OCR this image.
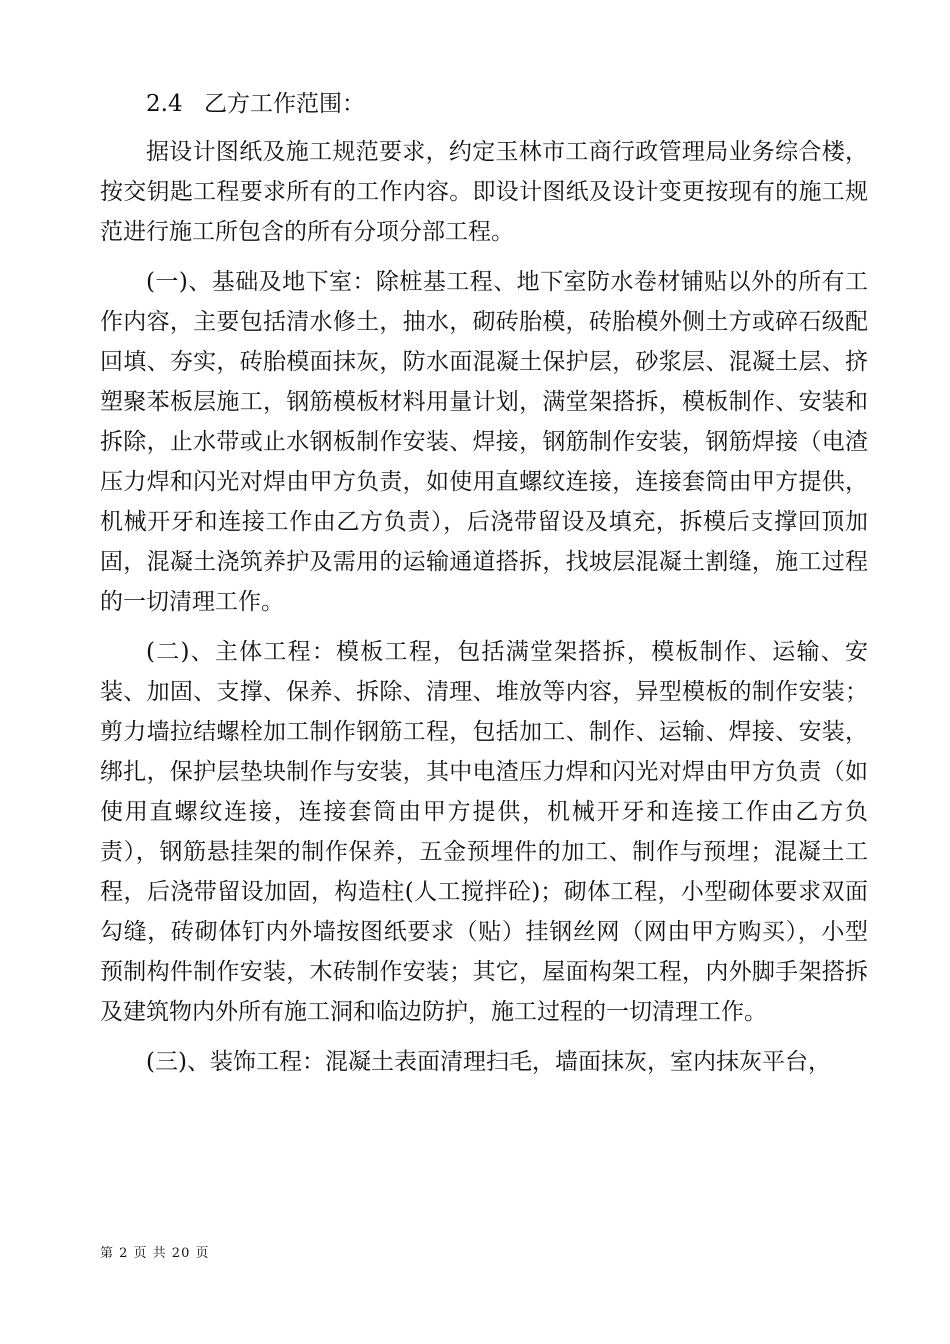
2.4 乙方工作范围：

据设计图纸及施工规范要求，约定玉林市工商行政管理局业务综合楼，按交钥匙工程要求所有的工作内容。即设计图纸及设计变更按现有的施工规范进行施工所包含的所有分项分部工程。

(一)、基础及地下室：除桩基工程、地下室防水卷材铺贴以外的所有工作内容，主要包括清水修土，抽水，砌砖胎模，砖胎模外侧土方或碎石级配回填、夯实，砖胎模面抹灰，防水面混凝土保护层，砂浆层、混凝土层、挤塑聚苯板层施工，钢筋模板材料用量计划，满堂架搭拆，模板制作、安装和拆除，止水带或止水钢板制作安装、焊接，钢筋制作安装，钢筋焊接（电渣压力焊和闪光对焊由甲方负责，如使用直螺纹连接，连接套筒由甲方提供，机械开牙和连接工作由乙方负责），后浇带留设及填充，拆模后支撑回顶加固，混凝土浇筑养护及需用的运输通道搭拆，找坡层混凝土割缝，施工过程的一切清理工作。

(二)、主体工程：模板工程，包括满堂架搭拆，模板制作、运输、安装、加固、支撑、保养、拆除、清理、堆放等内容，异型模板的制作安装；剪力墙拉结螺栓加工制作钢筋工程，包括加工、制作、运输、焊接、安装，绑扎，保护层垫块制作与安装，其中电渣压力焊和闪光对焊由甲方负责（如使用直螺纹连接，连接套筒由甲方提供，机械开牙和连接工作由乙方负责），钢筋悬挂架的制作保养，五金预埋件的加工、制作与预埋；混凝土工程，后浇带留设加固，构造柱(人工搅拌砼)；砌体工程，小型砌体要求双面勾缝，砖砌体钉内外墙按图纸要求（贴）挂钢丝网（网由甲方购买），小型预制构件制作安装，木砖制作安装；其它，屋面构架工程，内外脚手架搭拆及建筑物内外所有施工洞和临边防护，施工过程的一切清理工作。

(三)、装饰工程：混凝土表面清理扫毛，墙面抹灰，室内抹灰平台，

第 2 页 共 20 页
